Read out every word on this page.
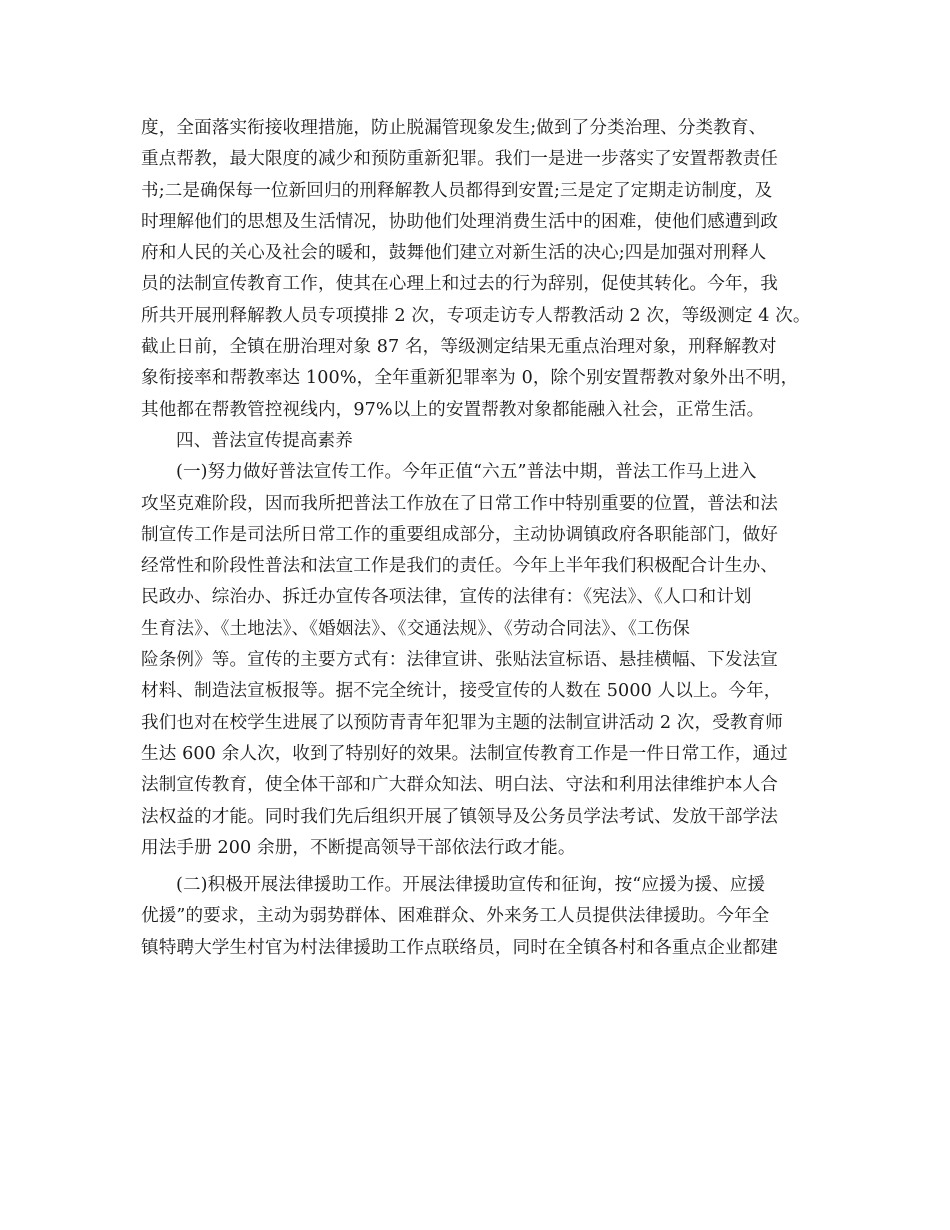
度，全面落实衔接收理措施，防止脱漏管现象发生;做到了分类治理、分类教育、
重点帮教，最大限度的减少和预防重新犯罪。我们一是进一步落实了安置帮教责任
书;二是确保每一位新回归的刑释解教人员都得到安置;三是定了定期走访制度，及
时理解他们的思想及生活情况，协助他们处理消费生活中的困难，使他们感遭到政
府和人民的关心及社会的暖和，鼓舞他们建立对新生活的决心;四是加强对刑释人
员的法制宣传教育工作，使其在心理上和过去的行为辞别，促使其转化。今年，我
所共开展刑释解教人员专项摸排 2 次，专项走访专人帮教活动 2 次，等级测定 4 次。
截止日前，全镇在册治理对象 87 名，等级测定结果无重点治理对象，刑释解教对
象衔接率和帮教率达 100%，全年重新犯罪率为 0，除个别安置帮教对象外出不明，
其他都在帮教管控视线内，97%以上的安置帮教对象都能融入社会，正常生活。
四、普法宣传提高素养
(一)努力做好普法宣传工作。今年正值“六五”普法中期，普法工作马上进入
攻坚克难阶段，因而我所把普法工作放在了日常工作中特别重要的位置，普法和法
制宣传工作是司法所日常工作的重要组成部分，主动协调镇政府各职能部门，做好
经常性和阶段性普法和法宣工作是我们的责任。今年上半年我们积极配合计生办、
民政办、综治办、拆迁办宣传各项法律，宣传的法律有：《宪法》、《人口和计划
生育法》、《土地法》、《婚姻法》、《交通法规》、《劳动合同法》、《工伤保
险条例》等。宣传的主要方式有：法律宣讲、张贴法宣标语、悬挂横幅、下发法宣
材料、制造法宣板报等。据不完全统计，接受宣传的人数在 5000 人以上。今年，
我们也对在校学生进展了以预防青青年犯罪为主题的法制宣讲活动 2 次，受教育师
生达 600 余人次，收到了特别好的效果。法制宣传教育工作是一件日常工作，通过
法制宣传教育，使全体干部和广大群众知法、明白法、守法和利用法律维护本人合
法权益的才能。同时我们先后组织开展了镇领导及公务员学法考试、发放干部学法
用法手册 200 余册，不断提高领导干部依法行政才能。
(二)积极开展法律援助工作。开展法律援助宣传和征询，按“应援为援、应援
优援”的要求，主动为弱势群体、困难群众、外来务工人员提供法律援助。今年全
镇特聘大学生村官为村法律援助工作点联络员，同时在全镇各村和各重点企业都建
